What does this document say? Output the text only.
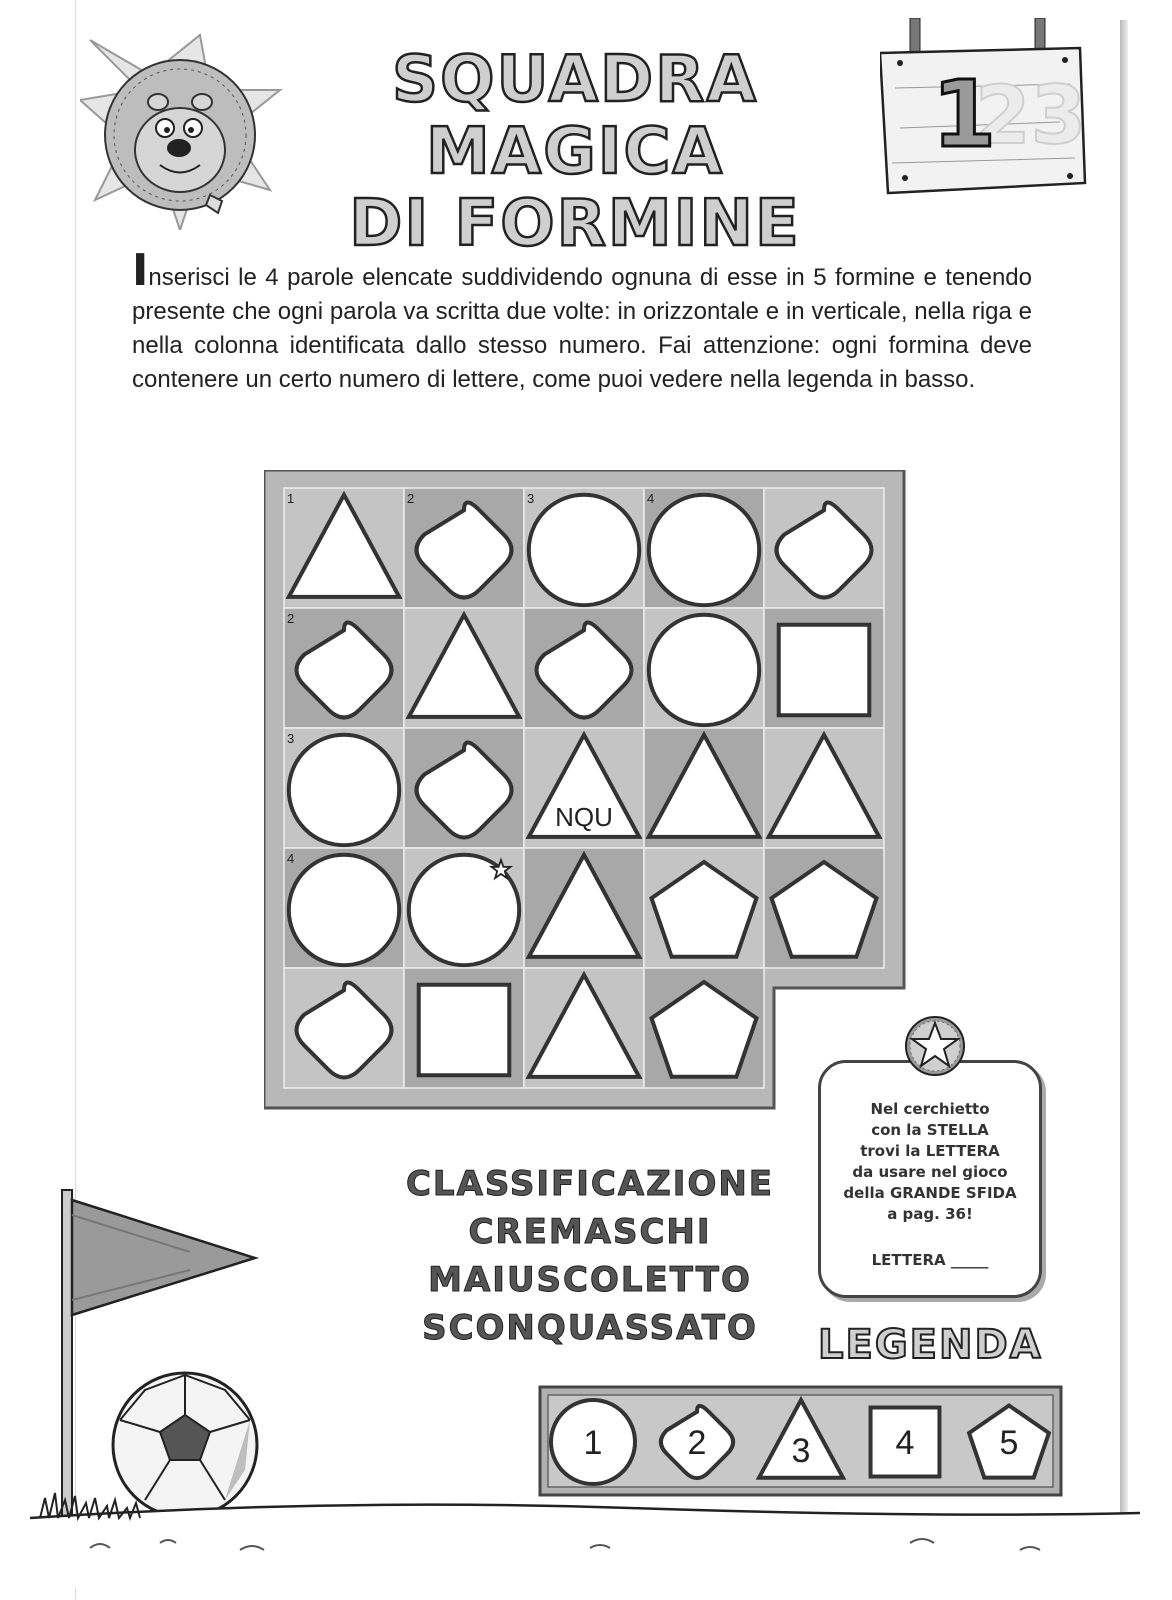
SQUADRA MAGICA
DI FORMINE
23
1
Inserisci le 4 parole elencate suddividendo ognuna di esse in 5 formine e tenendo presente che ogni parola va scritta due volte: in orizzontale e in verticale, nella riga e nella colonna identificata dallo stesso numero. Fai attenzione: ogni formina deve contenere un certo numero di lettere, come puoi vedere nella legenda in basso.
1	2	3	4
2
3
4
NQU
CLASSIFICAZIONE
CREMASCHI
MAIUSCOLETTO
SCONQUASSATO
Nel cerchietto
con la STELLA
trovi la LETTERA
da usare nel gioco
della GRANDE SFIDA
a pag. 36!
LETTERA _____
LEGENDA
1	2	3	4	5
